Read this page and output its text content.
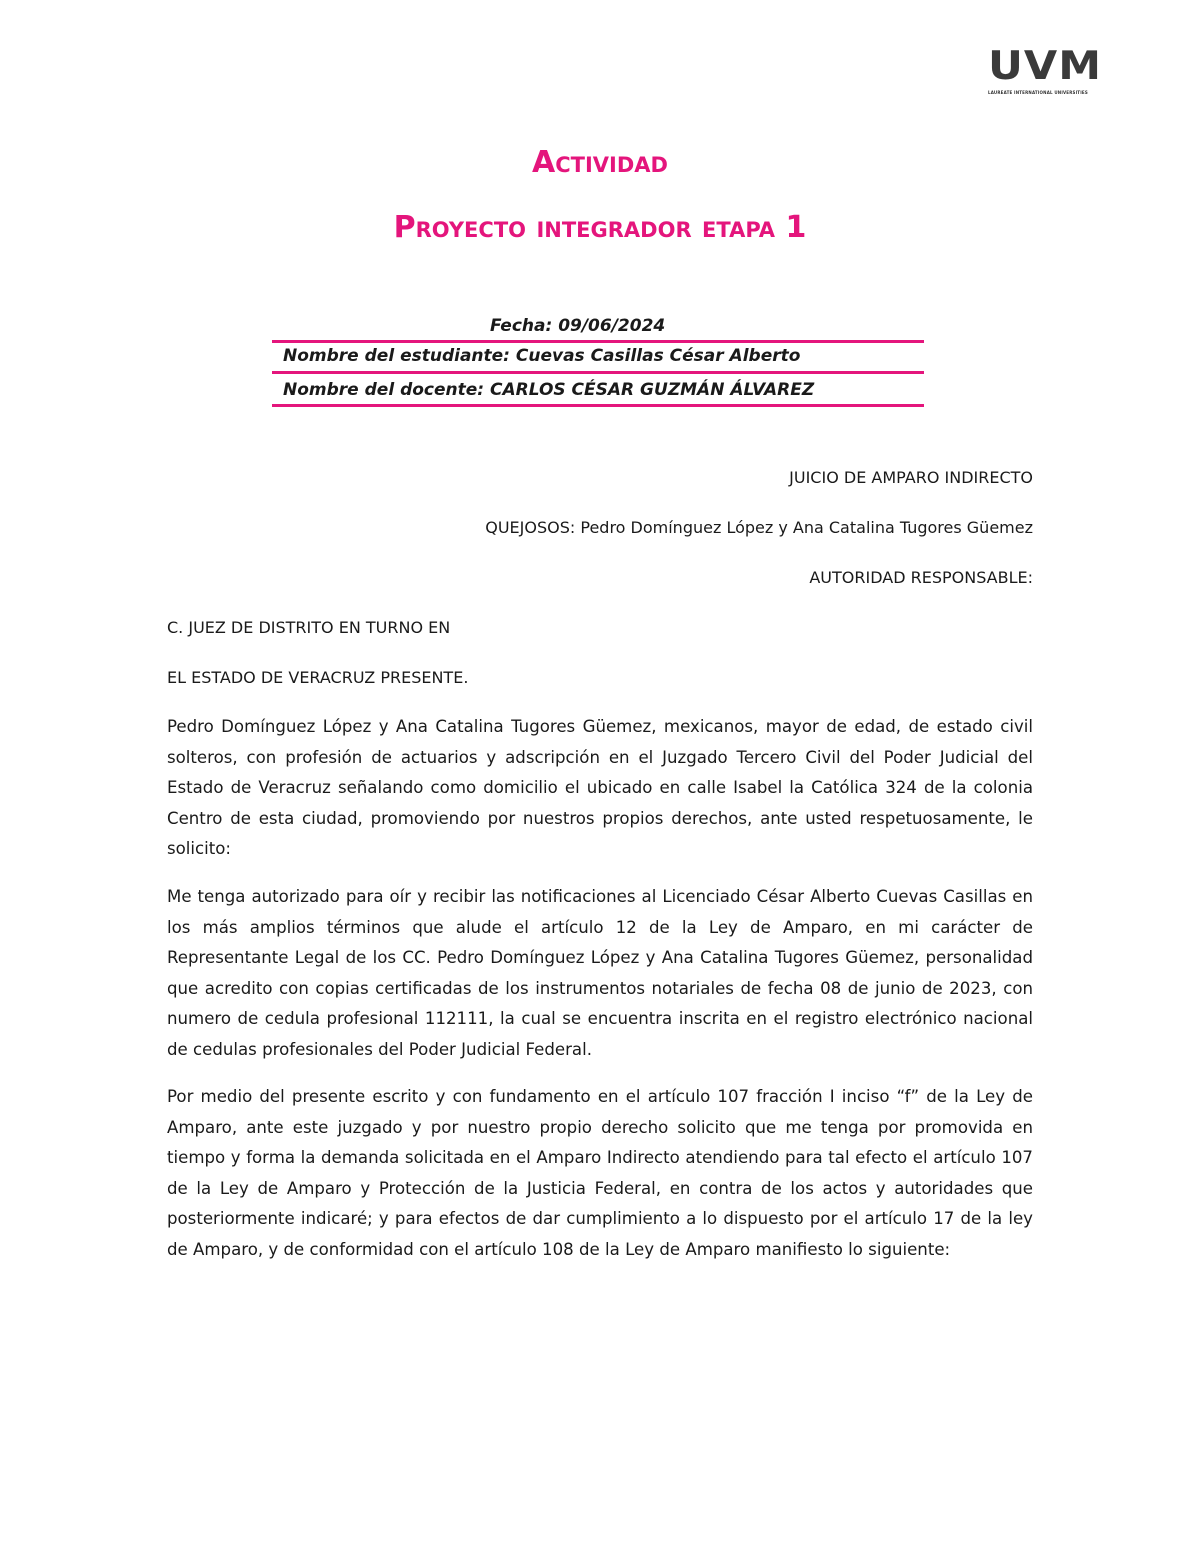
UVM
LAUREATE INTERNATIONAL UNIVERSITIES
Actividad
Proyecto integrador etapa 1
Fecha: 09/06/2024
Nombre del estudiante: Cuevas Casillas César Alberto
Nombre del docente: CARLOS CÉSAR GUZMÁN ÁLVAREZ
JUICIO DE AMPARO INDIRECTO
QUEJOSOS: Pedro Domínguez López y Ana Catalina Tugores Güemez
AUTORIDAD RESPONSABLE:
C. JUEZ DE DISTRITO EN TURNO EN
EL ESTADO DE VERACRUZ PRESENTE.

Pedro Domínguez López y Ana Catalina Tugores Güemez, mexicanos, mayor de edad, de estado civil solteros, con profesión de actuarios y adscripción en el Juzgado Tercero Civil del Poder Judicial del Estado de Veracruz señalando como domicilio el ubicado en calle Isabel la Católica 324 de la colonia Centro de esta ciudad, promoviendo por nuestros propios derechos, ante usted respetuosamente, le solicito:

Me tenga autorizado para oír y recibir las notificaciones al Licenciado César Alberto Cuevas Casillas en los más amplios términos que alude el artículo 12 de la Ley de Amparo, en mi carácter de Representante Legal de los CC. Pedro Domínguez López y Ana Catalina Tugores Güemez, personalidad que acredito con copias certificadas de los instrumentos notariales de fecha 08 de junio de 2023, con numero de cedula profesional 112111, la cual se encuentra inscrita en el registro electrónico nacional de cedulas profesionales del Poder Judicial Federal.

Por medio del presente escrito y con fundamento en el artículo 107 fracción I inciso “f” de la Ley de Amparo, ante este juzgado y por nuestro propio derecho solicito que me tenga por promovida en tiempo y forma la demanda solicitada en el Amparo Indirecto atendiendo para tal efecto el artículo 107 de la Ley de Amparo y Protección de la Justicia Federal, en contra de los actos y autoridades que posteriormente indicaré; y para efectos de dar cumplimiento a lo dispuesto por el artículo 17 de la ley de Amparo, y de conformidad con el artículo 108 de la Ley de Amparo manifiesto lo siguiente:
